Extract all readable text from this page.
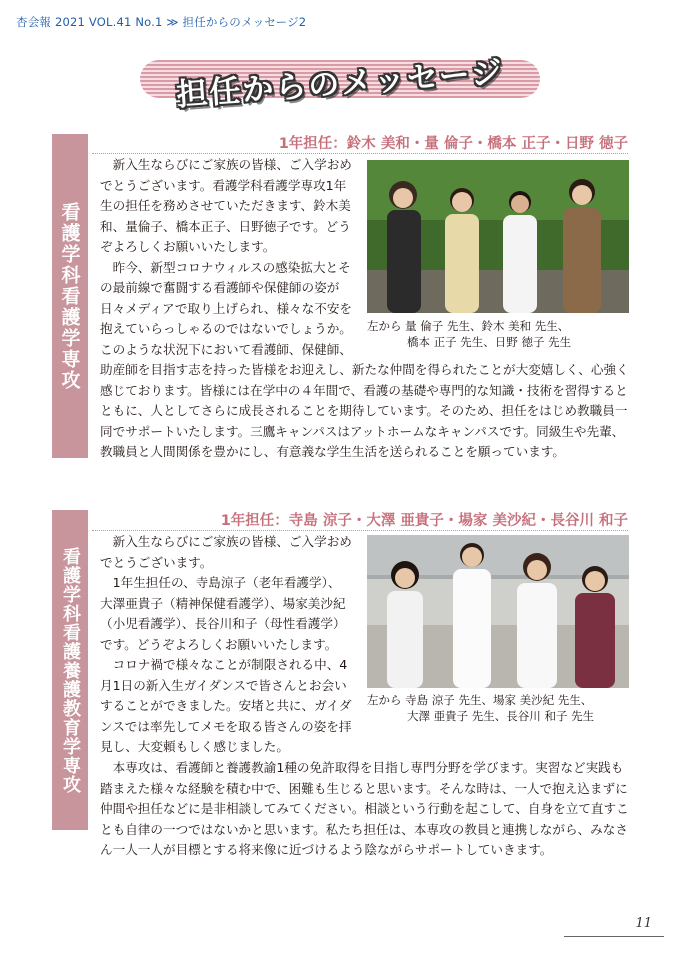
杏会報 2021 VOL.41 No.1 ≫ 担任からのメッセージ2
担任からのメッセージ
看護学科看護学専攻
1年担任：鈴木 美和・量 倫子・橋本 正子・日野 徳子

新入生ならびにご家族の皆様、ご入学おめでとうございます。看護学科看護学専攻1年生の担任を務めさせていただきます、鈴木美和、量倫子、橋本正子、日野徳子です。どうぞよろしくお願いいたします。

昨今、新型コロナウィルスの感染拡大とその最前線で奮闘する看護師や保健師の姿が日々メディアで取り上げられ、様々な不安を抱えていらっしゃるのではないでしょうか。このような状況下において看護師、保健師、

左から 量 倫子 先生、鈴木 美和 先生、
橋本 正子 先生、日野 徳子 先生

助産師を目指す志を持った皆様をお迎えし、新たな仲間を得られたことが大変嬉しく、心強く感じております。皆様には在学中の４年間で、看護の基礎や専門的な知識・技術を習得するとともに、人としてさらに成長されることを期待しています。そのため、担任をはじめ教職員一同でサポートいたします。三鷹キャンパスはアットホームなキャンパスです。同級生や先輩、教職員と人間関係を豊かにし、有意義な学生生活を送られることを願っています。

看護学科看護養護教育学専攻
1年担任：寺島 涼子・大澤 亜貴子・場家 美沙紀・長谷川 和子

新入生ならびにご家族の皆様、ご入学おめでとうございます。

1年生担任の、寺島涼子（老年看護学）、大澤亜貴子（精神保健看護学）、場家美沙紀（小児看護学）、長谷川和子（母性看護学）です。どうぞよろしくお願いいたします。

コロナ禍で様々なことが制限される中、4月1日の新入生ガイダンスで皆さんとお会いすることができました。安堵と共に、ガイダンスでは率先してメモを取る皆さんの姿を拝見し、大変頼もしく感じました。

左から 寺島 涼子 先生、場家 美沙紀 先生、
大澤 亜貴子 先生、長谷川 和子 先生

本専攻は、看護師と養護教諭1種の免許取得を目指し専門分野を学びます。実習など実践も踏まえた様々な経験を積む中で、困難も生じると思います。そんな時は、一人で抱え込まずに仲間や担任などに是非相談してみてください。相談という行動を起こして、自身を立て直すことも自律の一つではないかと思います。私たち担任は、本専攻の教員と連携しながら、みなさん一人一人が目標とする将来像に近づけるよう陰ながらサポートしていきます。

11
